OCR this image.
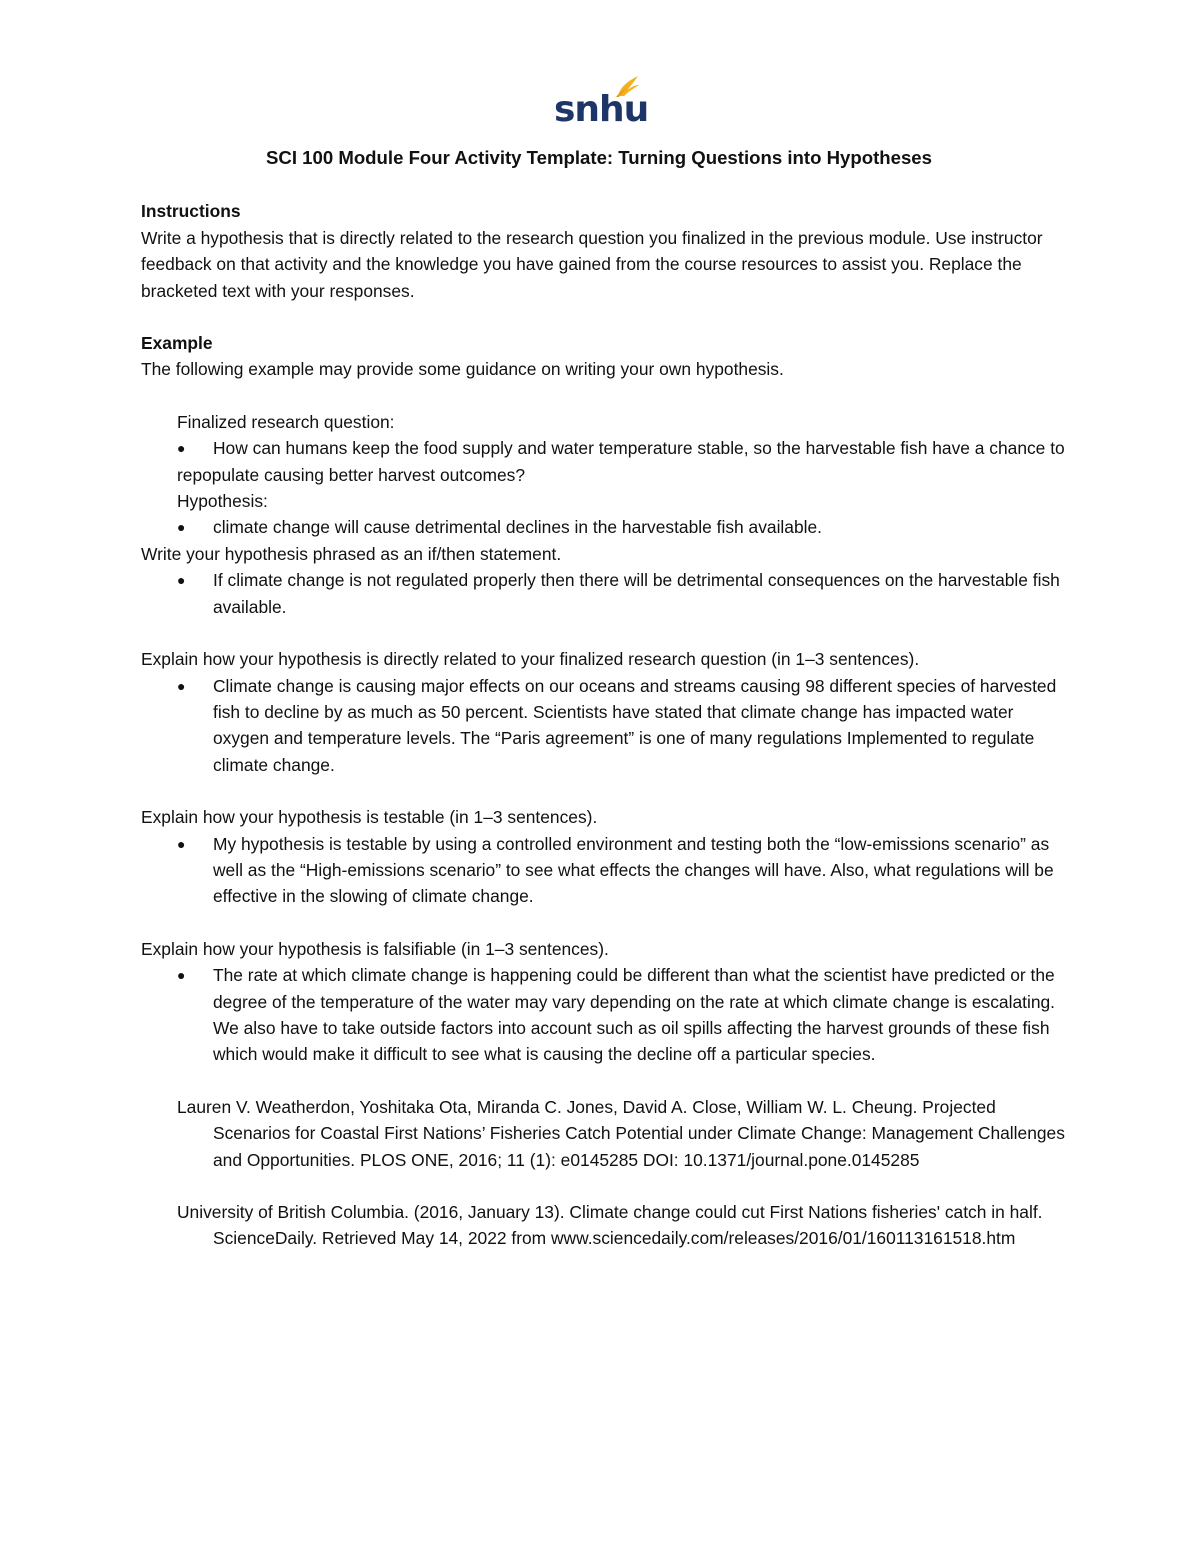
snhu

SCI 100 Module Four Activity Template: Turning Questions into Hypotheses

Instructions

Write a hypothesis that is directly related to the research question you finalized in the previous module. Use instructor feedback on that activity and the knowledge you have gained from the course resources to assist you. Replace the bracketed text with your responses.

Example

The following example may provide some guidance on writing your own hypothesis.

Finalized research question:

● How can humans keep the food supply and water temperature stable, so the harvestable fish have a chance to repopulate causing better harvest outcomes?

Hypothesis:

● climate change will cause detrimental declines in the harvestable fish available.

Write your hypothesis phrased as an if/then statement.

● If climate change is not regulated properly then there will be detrimental consequences on the harvestable fish available.

Explain how your hypothesis is directly related to your finalized research question (in 1–3 sentences).

● Climate change is causing major effects on our oceans and streams causing 98 different species of harvested fish to decline by as much as 50 percent. Scientists have stated that climate change has impacted water oxygen and temperature levels. The “Paris agreement” is one of many regulations Implemented to regulate climate change.

Explain how your hypothesis is testable (in 1–3 sentences).

● My hypothesis is testable by using a controlled environment and testing both the “low-emissions scenario” as well as the “High-emissions scenario” to see what effects the changes will have. Also, what regulations will be effective in the slowing of climate change.

Explain how your hypothesis is falsifiable (in 1–3 sentences).

● The rate at which climate change is happening could be different than what the scientist have predicted or the degree of the temperature of the water may vary depending on the rate at which climate change is escalating. We also have to take outside factors into account such as oil spills affecting the harvest grounds of these fish which would make it difficult to see what is causing the decline off a particular species.

Lauren V. Weatherdon, Yoshitaka Ota, Miranda C. Jones, David A. Close, William W. L. Cheung. Projected Scenarios for Coastal First Nations’ Fisheries Catch Potential under Climate Change: Management Challenges and Opportunities. PLOS ONE, 2016; 11 (1): e0145285 DOI: 10.1371/journal.pone.0145285

University of British Columbia. (2016, January 13). Climate change could cut First Nations fisheries' catch in half. ScienceDaily. Retrieved May 14, 2022 from www.sciencedaily.com/releases/2016/01/160113161518.htm
